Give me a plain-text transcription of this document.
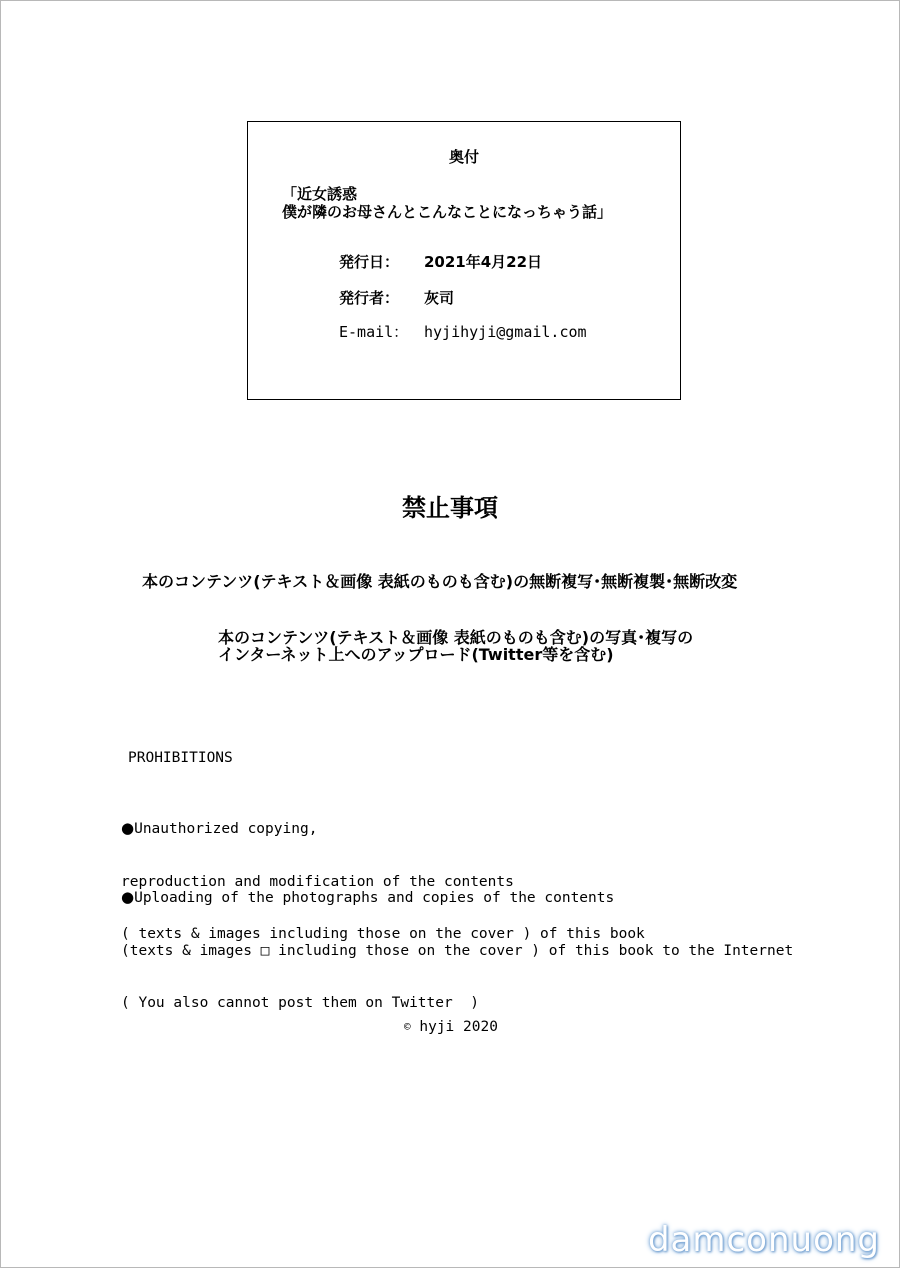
奥付
「近女誘惑
僕が隣のお母さんとこんなことになっちゃう話」
発行日： 2021年4月22日
発行者： 灰司
E-mail： hyjihyji@gmail.com
禁止事項
本のコンテンツ(テキスト＆画像 表紙のものも含む)の無断複写･無断複製･無断改変
本のコンテンツ(テキスト＆画像 表紙のものも含む)の写真･複写の
インターネット上へのアップロード(Twitter等を含む)
PROHIBITIONS

●Unauthorized copying,

reproduction and modification of the contents

( texts & images including those on the cover ) of this book

●Uploading of the photographs and copies of the contents

(texts & images □ including those on the cover ) of this book to the Internet

( You also cannot post them on Twitter  )

© hyji 2020
damconuong
